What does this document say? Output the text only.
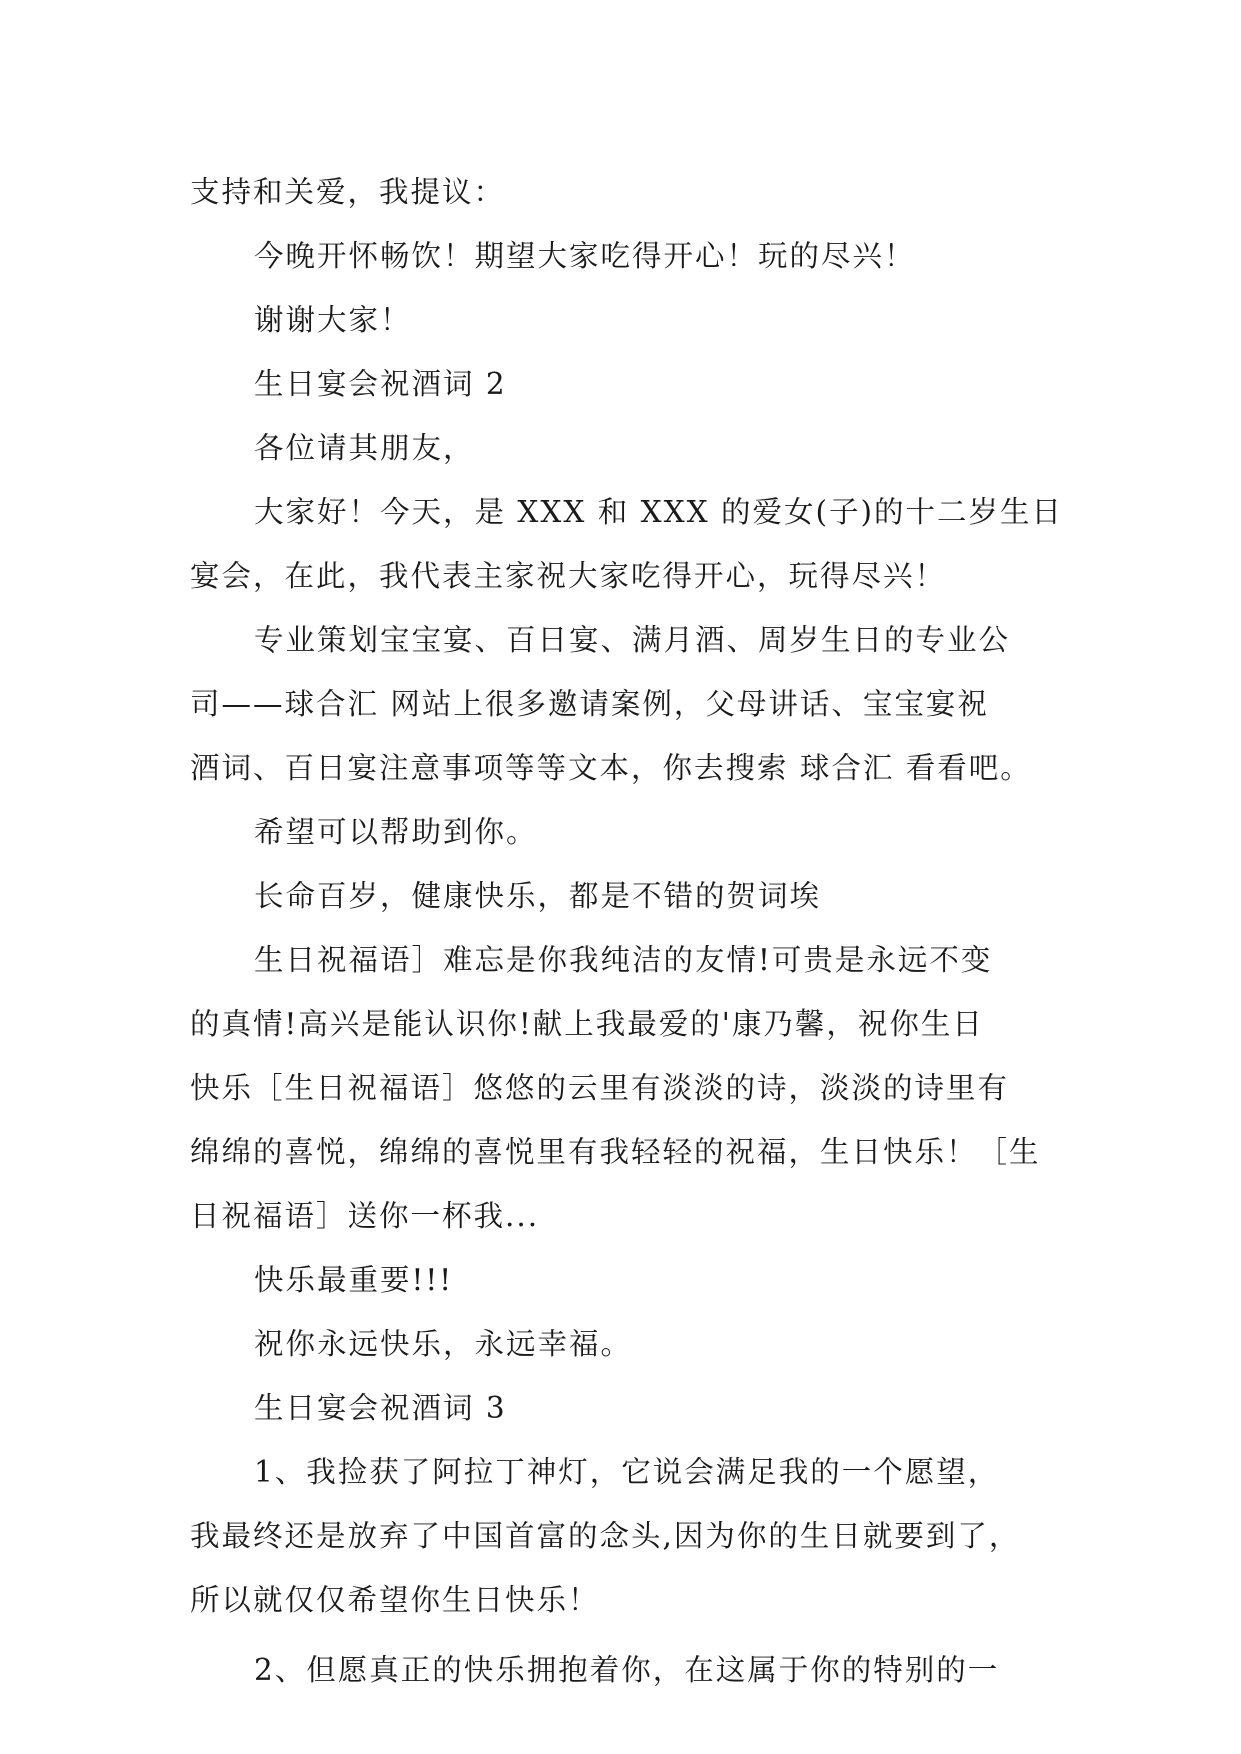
支持和关爱，我提议：
今晚开怀畅饮！期望大家吃得开心！玩的尽兴！
谢谢大家！
生日宴会祝酒词 2
各位请其朋友，
大家好！今天，是 XXX 和 XXX 的爱女(子)的十二岁生日
宴会，在此，我代表主家祝大家吃得开心，玩得尽兴！
专业策划宝宝宴、百日宴、满月酒、周岁生日的专业公
司——球合汇 网站上很多邀请案例，父母讲话、宝宝宴祝
酒词、百日宴注意事项等等文本，你去搜索 球合汇 看看吧。
希望可以帮助到你。
长命百岁，健康快乐，都是不错的贺词埃
生日祝福语］难忘是你我纯洁的友情!可贵是永远不变
的真情!高兴是能认识你!献上我最爱的'康乃馨，祝你生日
快乐［生日祝福语］悠悠的云里有淡淡的诗，淡淡的诗里有
绵绵的喜悦，绵绵的喜悦里有我轻轻的祝福，生日快乐！［生
日祝福语］送你一杯我...
快乐最重要!!!
祝你永远快乐，永远幸福。
生日宴会祝酒词 3
1、我捡获了阿拉丁神灯，它说会满足我的一个愿望，
我最终还是放弃了中国首富的念头,因为你的生日就要到了，
所以就仅仅希望你生日快乐！
2、但愿真正的快乐拥抱着你，在这属于你的特别的一
